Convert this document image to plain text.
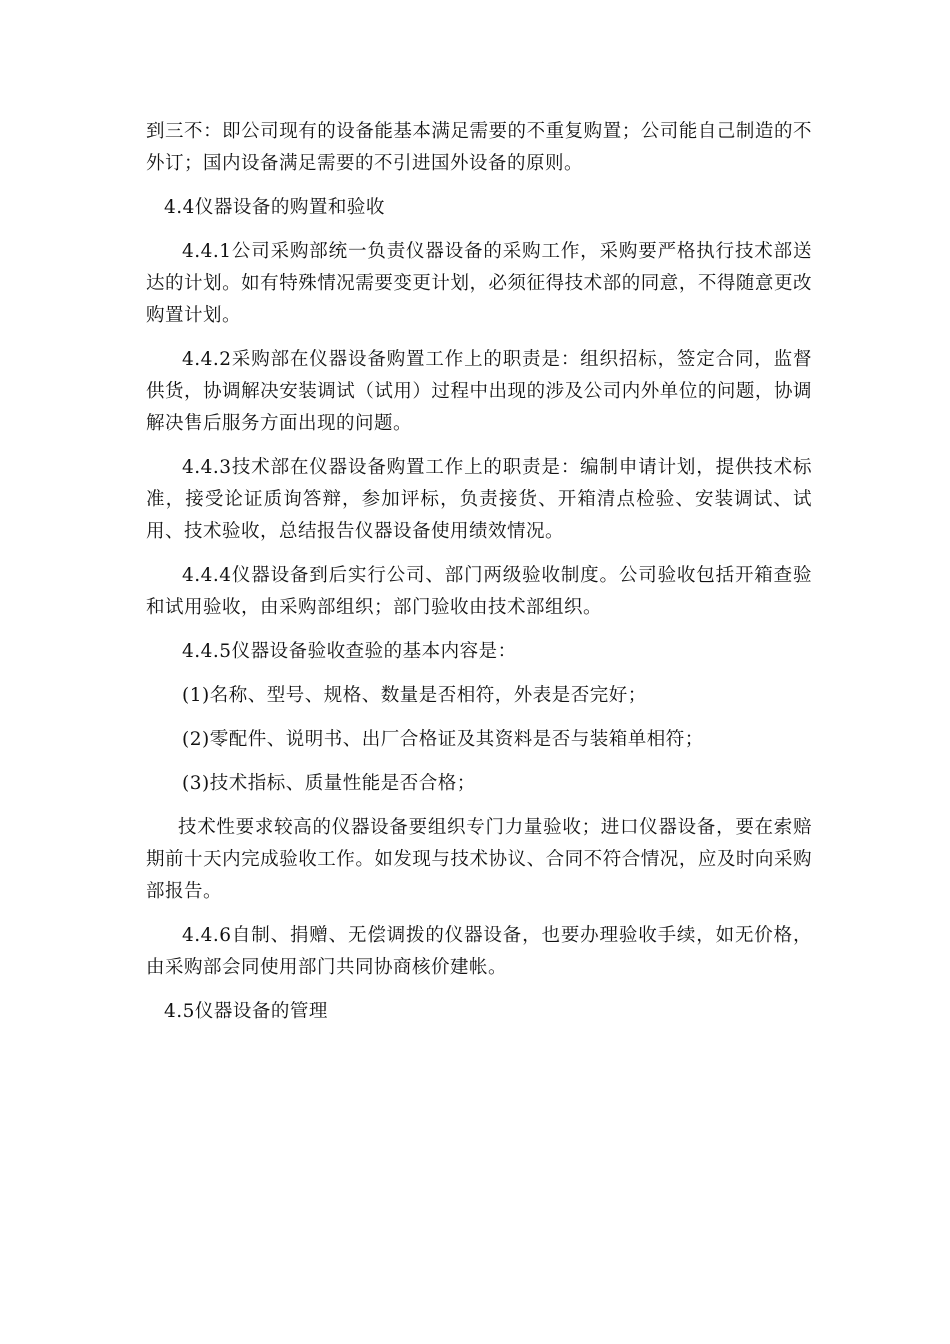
到三不：即公司现有的设备能基本满足需要的不重复购置；公司能自己制造的不外订；国内设备满足需要的不引进国外设备的原则。

4.4仪器设备的购置和验收

4.4.1公司采购部统一负责仪器设备的采购工作，采购要严格执行技术部送达的计划。如有特殊情况需要变更计划，必须征得技术部的同意，不得随意更改购置计划。

4.4.2采购部在仪器设备购置工作上的职责是：组织招标，签定合同，监督供货，协调解决安装调试（试用）过程中出现的涉及公司内外单位的问题，协调解决售后服务方面出现的问题。

4.4.3技术部在仪器设备购置工作上的职责是：编制申请计划，提供技术标准，接受论证质询答辩，参加评标，负责接货、开箱清点检验、安装调试、试用、技术验收，总结报告仪器设备使用绩效情况。

4.4.4仪器设备到后实行公司、部门两级验收制度。公司验收包括开箱查验和试用验收，由采购部组织；部门验收由技术部组织。

4.4.5仪器设备验收查验的基本内容是：

(1)名称、型号、规格、数量是否相符，外表是否完好；

(2)零配件、说明书、出厂合格证及其资料是否与装箱单相符；

(3)技术指标、质量性能是否合格；

技术性要求较高的仪器设备要组织专门力量验收；进口仪器设备，要在索赔期前十天内完成验收工作。如发现与技术协议、合同不符合情况，应及时向采购部报告。

4.4.6自制、捐赠、无偿调拨的仪器设备，也要办理验收手续，如无价格，由采购部会同使用部门共同协商核价建帐。

4.5仪器设备的管理
